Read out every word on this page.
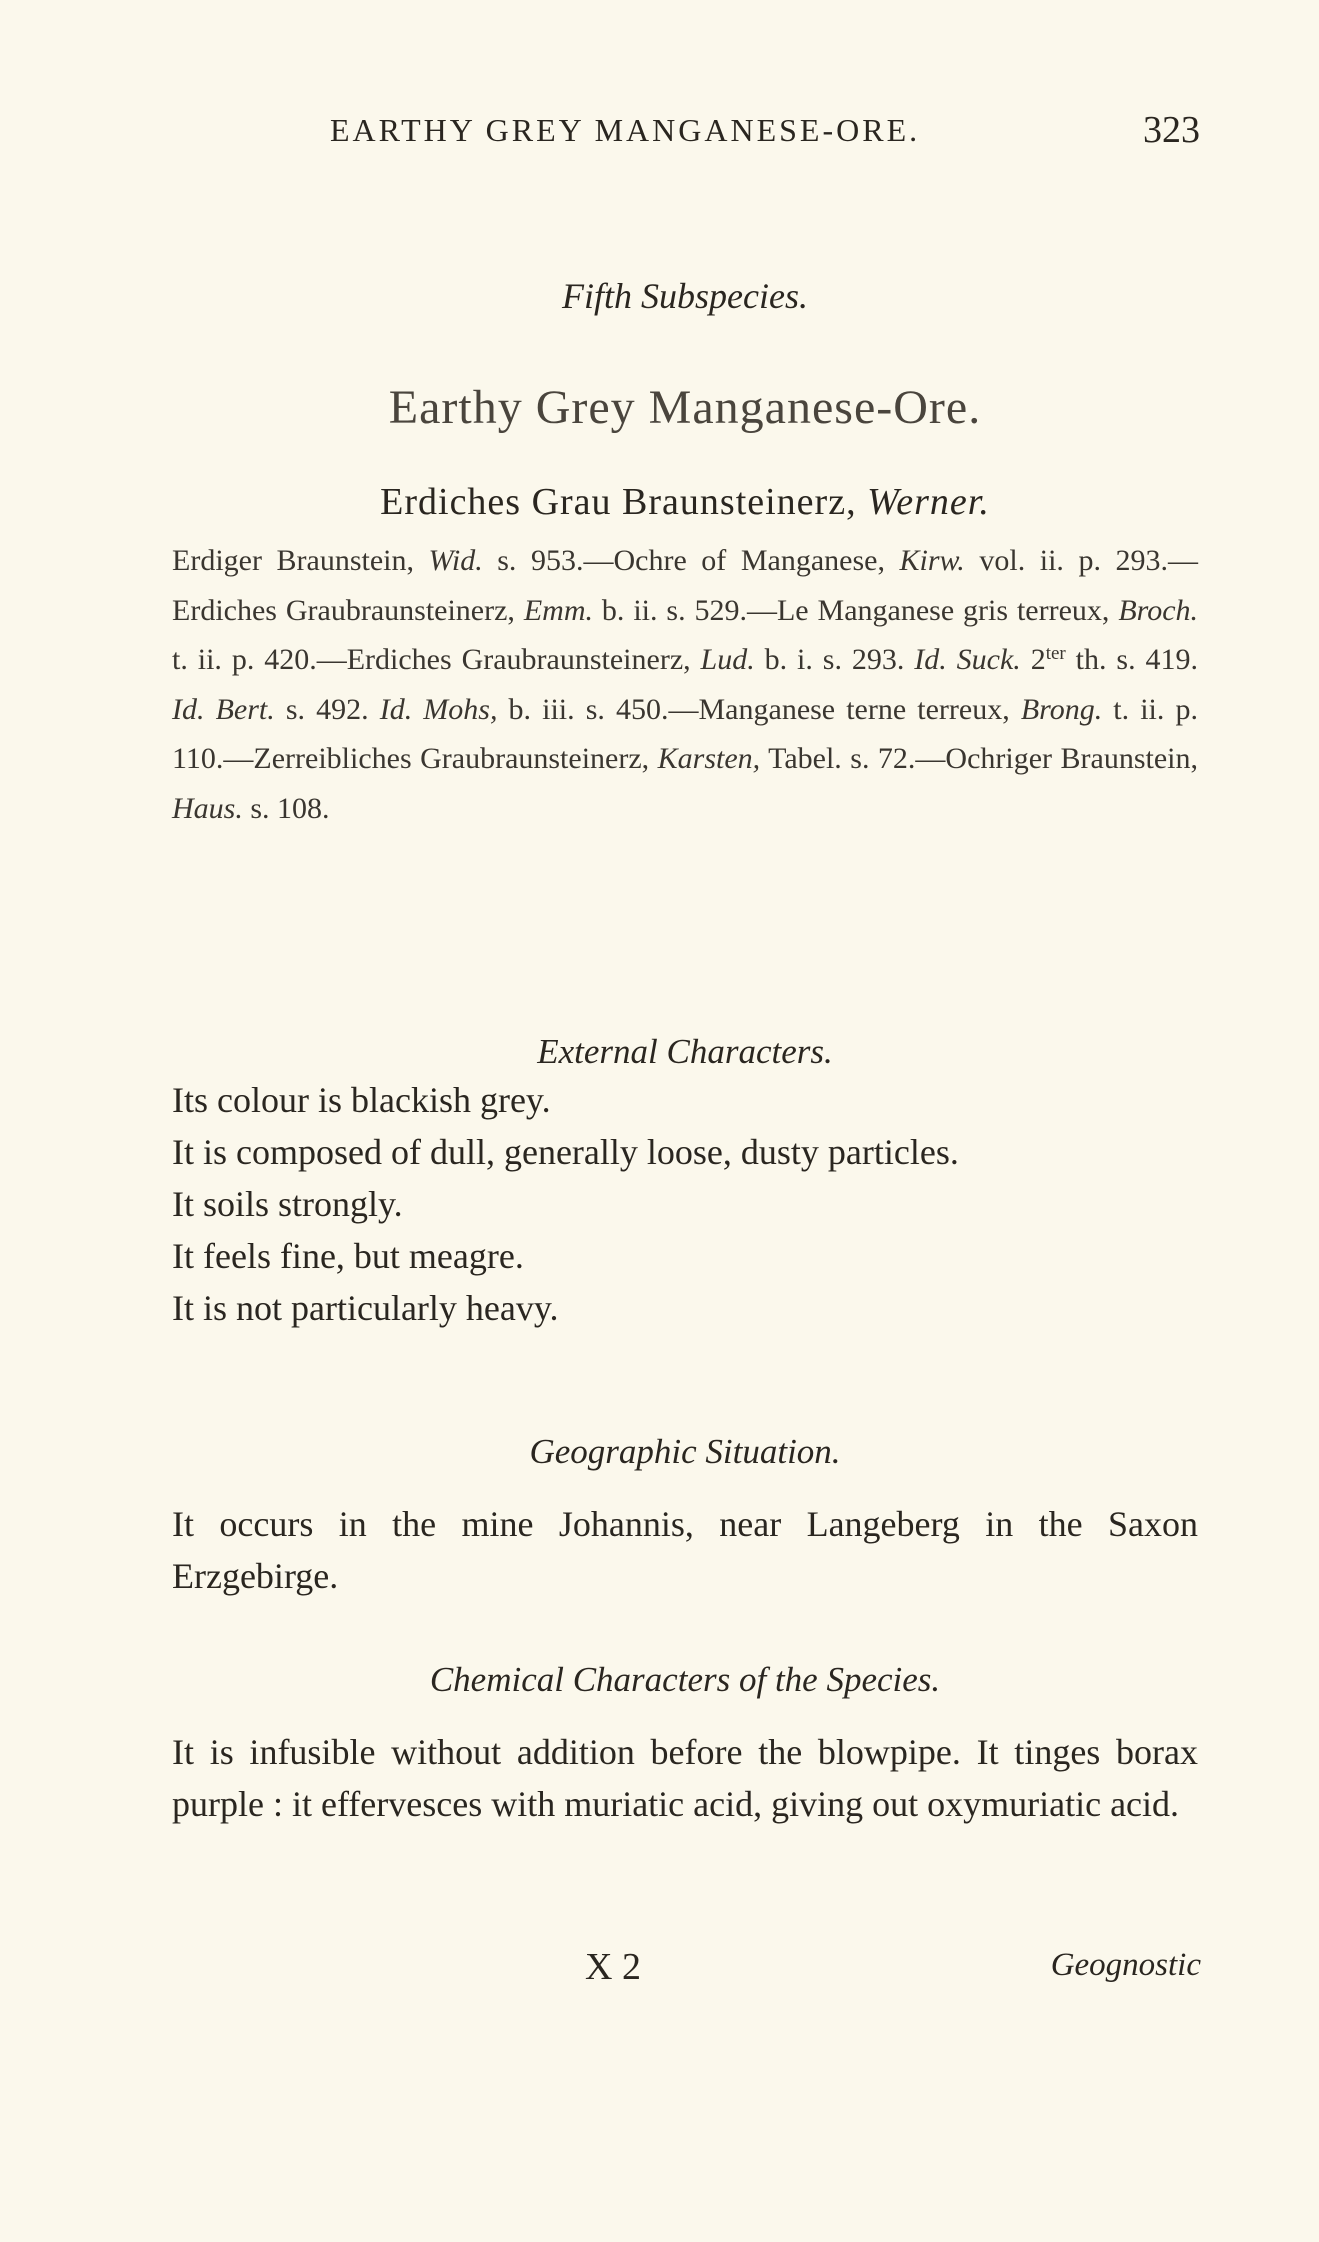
EARTHY GREY MANGANESE-ORE.	323
Fifth Subspecies.
Earthy Grey Manganese-Ore.
Erdiches Grau Braunsteinerz, Werner.

Erdiger Braunstein, Wid. s. 953.—Ochre of Manganese, Kirw. vol. ii. p. 293.—Erdiches Graubraunsteinerz, Emm. b. ii. s. 529.—Le Manganese gris terreux, Broch. t. ii. p. 420.—Erdiches Graubraunsteinerz, Lud. b. i. s. 293. Id. Suck. $2^{ter}$ th. s. 419. Id. Bert. s. 492. Id. Mohs, b. iii. s. 450.—Manganese terne terreux, Brong. t. ii. p. 110.—Zerreibliches Graubraunsteinerz, Karsten, Tabel. s. 72.—Ochriger Braunstein, Haus. s. 108.

External Characters.
Its colour is blackish grey.
It is composed of dull, generally loose, dusty particles.
It soils strongly.
It feels fine, but meagre.
It is not particularly heavy.
Geographic Situation.

It occurs in the mine Johannis, near Langeberg in the Saxon Erzgebirge.

Chemical Characters of the Species.

It is infusible without addition before the blowpipe. It tinges borax purple : it effervesces with muriatic acid, giving out oxymuriatic acid.

X 2	Geognostic
